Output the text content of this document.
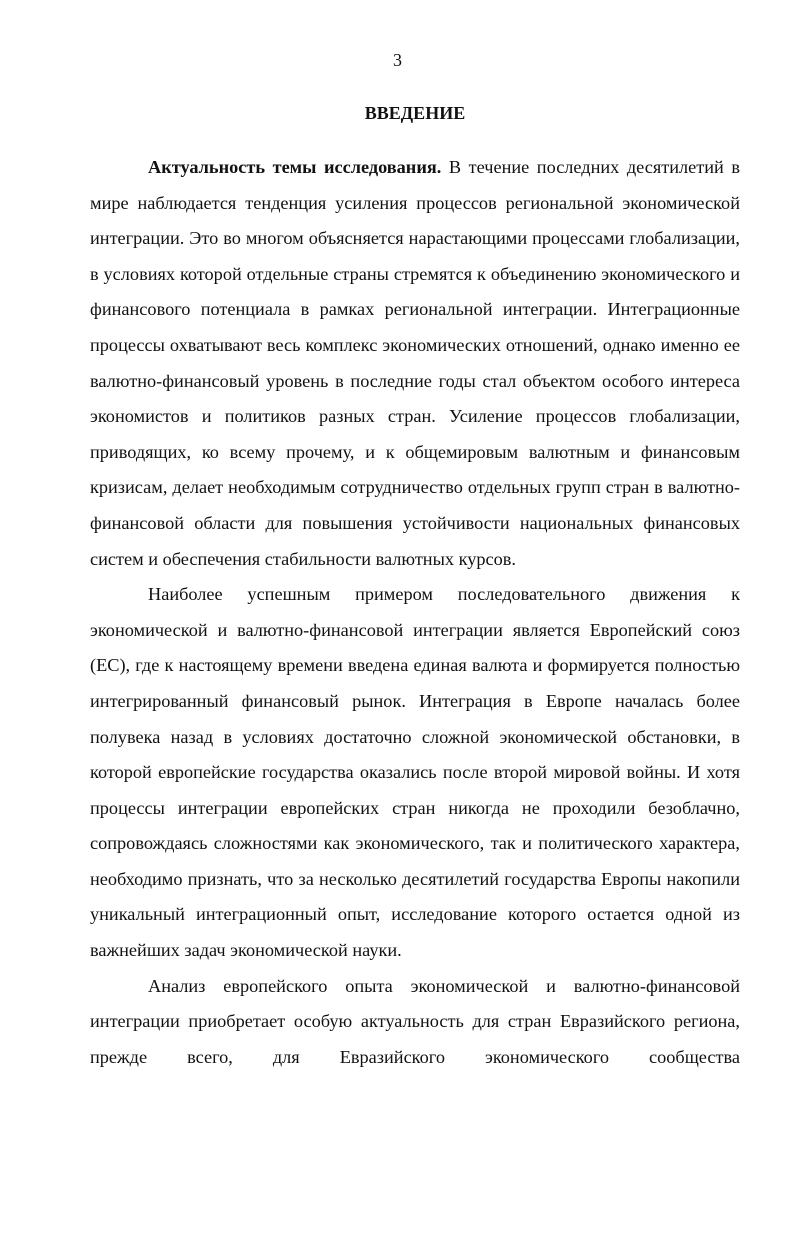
3
ВВЕДЕНИЕ

Актуальность темы исследования. В течение последних десятилетий в мире наблюдается тенденция усиления процессов региональной экономической интеграции. Это во многом объясняется нарастающими процессами глобализации, в условиях которой отдельные страны стремятся к объединению экономического и финансового потенциала в рамках региональной интеграции. Интеграционные процессы охватывают весь комплекс экономических отношений, однако именно ее валютно-финансовый уровень в последние годы стал объектом особого интереса экономистов и политиков разных стран. Усиление процессов глобализации, приводящих, ко всему прочему, и к общемировым валютным и финансовым кризисам, делает необходимым сотрудничество отдельных групп стран в валютно-финансовой области для повышения устойчивости национальных финансовых систем и обеспечения стабильности валютных курсов.

Наиболее успешным примером последовательного движения к экономической и валютно-финансовой интеграции является Европейский союз (ЕС), где к настоящему времени введена единая валюта и формируется полностью интегрированный финансовый рынок. Интеграция в Европе началась более полувека назад в условиях достаточно сложной экономической обстановки, в которой европейские государства оказались после второй мировой войны. И хотя процессы интеграции европейских стран никогда не проходили безоблачно, сопровождаясь сложностями как экономического, так и политического характера, необходимо признать, что за несколько десятилетий государства Европы накопили уникальный интеграционный опыт, исследование которого остается одной из важнейших задач экономической науки.

Анализ европейского опыта экономической и валютно-финансовой интеграции приобретает особую актуальность для стран Евразийского региона, прежде всего, для Евразийского экономического сообщества
